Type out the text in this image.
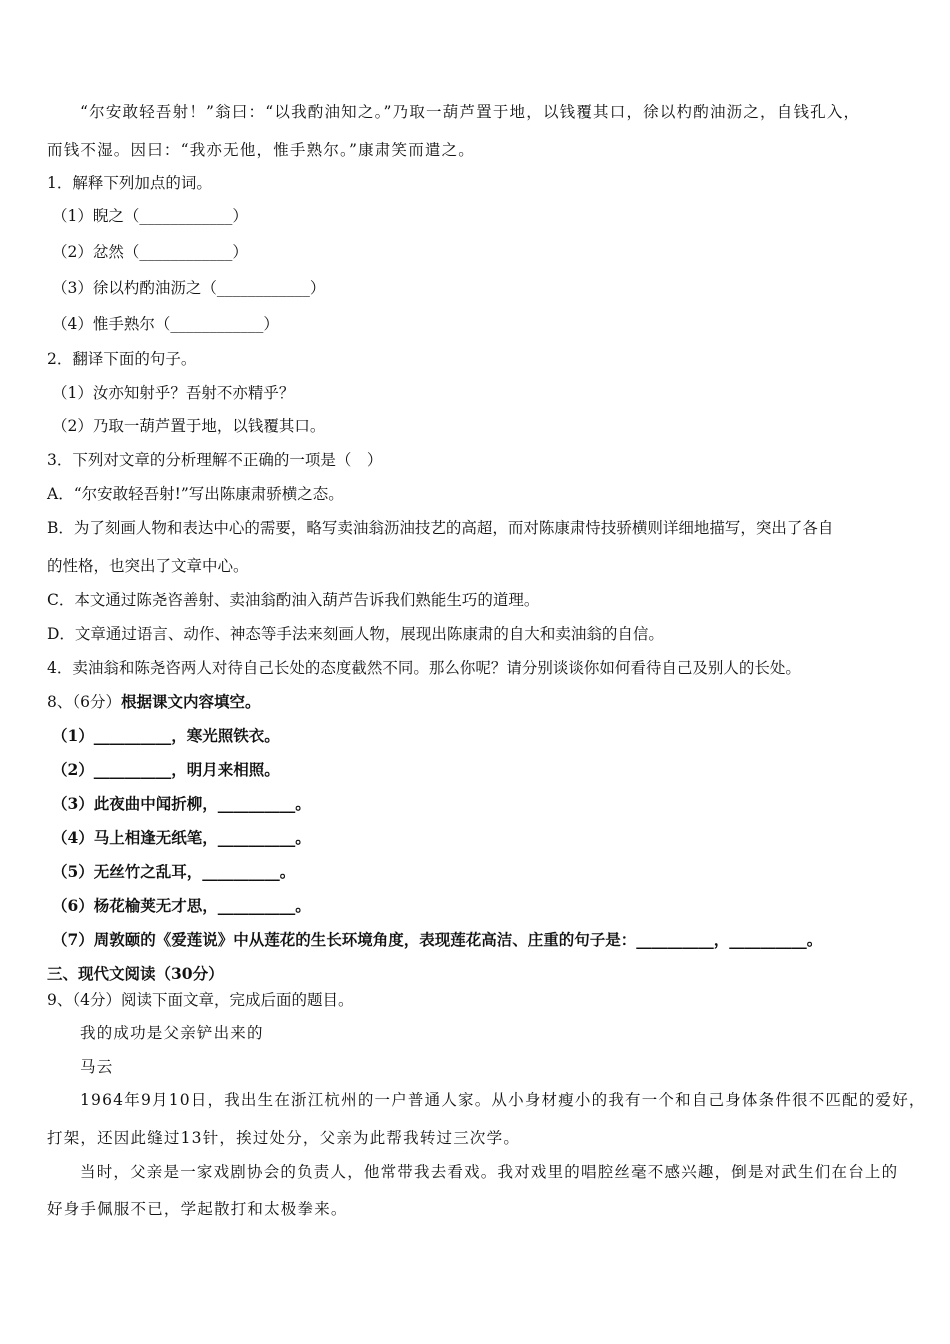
“尔安敢轻吾射！”翁曰：“以我酌油知之。”乃取一葫芦置于地，以钱覆其口，徐以杓酌油沥之，自钱孔入，
而钱不湿。因曰：“我亦无他，惟手熟尔。”康肃笑而遣之。
1．解释下列加点的词。
（1）睨之（____________）
（2）忿然（____________）
（3）徐以杓酌油沥之（____________）
（4）惟手熟尔（____________）
2．翻译下面的句子。
（1）汝亦知射乎？吾射不亦精乎？
（2）乃取一葫芦置于地，以钱覆其口。
3．下列对文章的分析理解不正确的一项是（　）
A．“尔安敢轻吾射!”写出陈康肃骄横之态。
B．为了刻画人物和表达中心的需要，略写卖油翁沥油技艺的高超，而对陈康肃恃技骄横则详细地描写，突出了各自
的性格，也突出了文章中心。
C．本文通过陈尧咨善射、卖油翁酌油入葫芦告诉我们熟能生巧的道理。
D．文章通过语言、动作、神态等手法来刻画人物，展现出陈康肃的自大和卖油翁的自信。
4．卖油翁和陈尧咨两人对待自己长处的态度截然不同。那么你呢？请分别谈谈你如何看待自己及别人的长处。
8、（6分）根据课文内容填空。
（1）__________，寒光照铁衣。
（2）__________，明月来相照。
（3）此夜曲中闻折柳，__________。
（4）马上相逢无纸笔，__________。
（5）无丝竹之乱耳，__________。
（6）杨花榆荚无才思，__________。
（7）周敦颐的《爱莲说》中从莲花的生长环境角度，表现莲花高洁、庄重的句子是：__________，__________。
三、现代文阅读（30分）
9、（4分）阅读下面文章，完成后面的题目。
我的成功是父亲铲出来的
马云
1964年9月10日，我出生在浙江杭州的一户普通人家。从小身材瘦小的我有一个和自己身体条件很不匹配的爱好，
打架，还因此缝过13针，挨过处分，父亲为此帮我转过三次学。
当时，父亲是一家戏剧协会的负责人，他常带我去看戏。我对戏里的唱腔丝毫不感兴趣，倒是对武生们在台上的
好身手佩服不已，学起散打和太极拳来。
